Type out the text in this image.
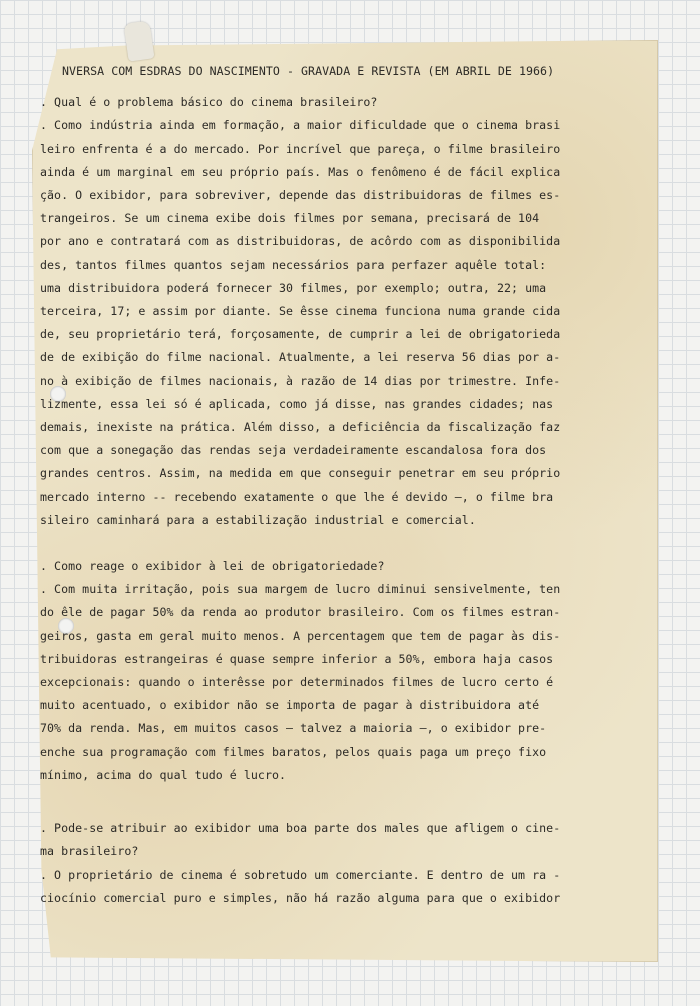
NVERSA COM ESDRAS DO NASCIMENTO - GRAVADA E REVISTA (EM ABRIL DE 1966)
. Qual é o problema básico do cinema brasileiro?
. Como indústria ainda em formação, a maior dificuldade que o cinema brasi
leiro enfrenta é a do mercado. Por incrível que pareça, o filme brasileiro
ainda é um marginal em seu próprio país. Mas o fenômeno é de fácil explica
ção. O exibidor, para sobreviver, depende das distribuidoras de filmes es-
trangeiros. Se um cinema exibe dois filmes por semana, precisará de 104
por ano e contratará com as distribuidoras, de acôrdo com as disponibilida
des, tantos filmes quantos sejam necessários para perfazer aquêle total:
uma distribuidora poderá fornecer 30 filmes, por exemplo; outra, 22; uma
terceira, 17; e assim por diante. Se êsse cinema funciona numa grande cida
de, seu proprietário terá, forçosamente, de cumprir a lei de obrigatorieda
de de exibição do filme nacional. Atualmente, a lei reserva 56 dias por a-
no à exibição de filmes nacionais, à razão de 14 dias por trimestre. Infe-
lizmente, essa lei só é aplicada, como já disse, nas grandes cidades; nas
demais, inexiste na prática. Além disso, a deficiência da fiscalização faz
com que a sonegação das rendas seja verdadeiramente escandalosa fora dos
grandes centros. Assim, na medida em que conseguir penetrar em seu próprio
mercado interno -- recebendo exatamente o que lhe é devido —, o filme bra
sileiro caminhará para a estabilização industrial e comercial.
. Como reage o exibidor à lei de obrigatoriedade?
. Com muita irritação, pois sua margem de lucro diminui sensivelmente, ten
do êle de pagar 50% da renda ao produtor brasileiro. Com os filmes estran-
geiros, gasta em geral muito menos. A percentagem que tem de pagar às dis-
tribuidoras estrangeiras é quase sempre inferior a 50%, embora haja casos
excepcionais: quando o interêsse por determinados filmes de lucro certo é
muito acentuado, o exibidor não se importa de pagar à distribuidora até
70% da renda. Mas, em muitos casos — talvez a maioria —, o exibidor pre-
enche sua programação com filmes baratos, pelos quais paga um preço fixo
mínimo, acima do qual tudo é lucro.
. Pode-se atribuir ao exibidor uma boa parte dos males que afligem o cine-
ma brasileiro?
. O proprietário de cinema é sobretudo um comerciante. E dentro de um ra -
ciocínio comercial puro e simples, não há razão alguma para que o exibidor
